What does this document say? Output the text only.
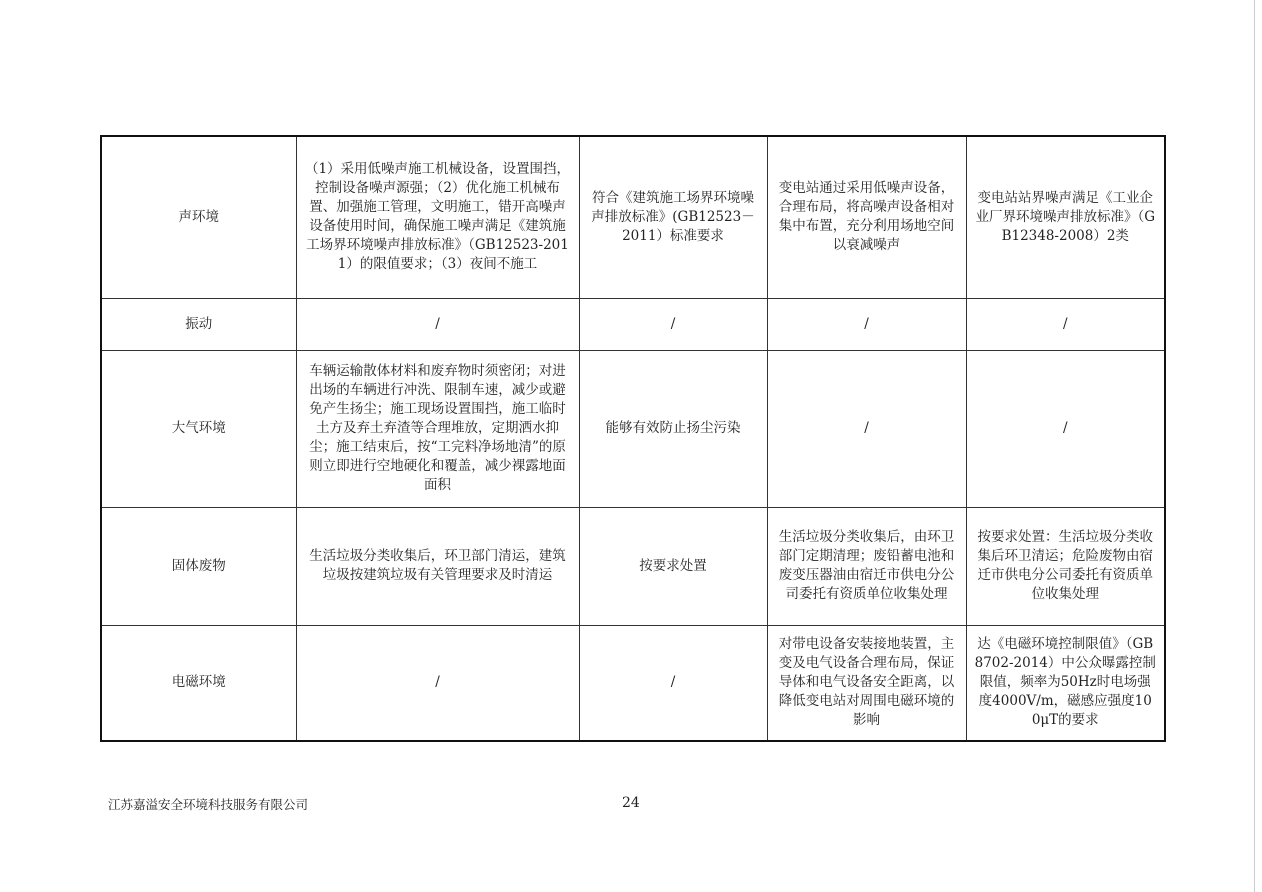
声环境	（1）采用低噪声施工机械设备，设置围挡，控制设备噪声源强；（2）优化施工机械布置、加强施工管理，文明施工，错开高噪声设备使用时间，确保施工噪声满足《建筑施工场界环境噪声排放标准》（GB12523-2011）的限值要求；（3）夜间不施工	符合《建筑施工场界环境噪声排放标准》(GB12523－2011）标准要求	变电站通过采用低噪声设备，合理布局，将高噪声设备相对集中布置，充分利用场地空间以衰减噪声	变电站站界噪声满足《工业企业厂界环境噪声排放标准》（GB12348-2008）2类
振动	/	/	/	/
大气环境	车辆运输散体材料和废弃物时须密闭；对进出场的车辆进行冲洗、限制车速，减少或避免产生扬尘；施工现场设置围挡，施工临时土方及弃土弃渣等合理堆放，定期洒水抑尘；施工结束后，按“工完料净场地清”的原则立即进行空地硬化和覆盖，减少裸露地面面积	能够有效防止扬尘污染	/	/
固体废物	生活垃圾分类收集后，环卫部门清运，建筑垃圾按建筑垃圾有关管理要求及时清运	按要求处置	生活垃圾分类收集后，由环卫部门定期清理；废铅蓄电池和废变压器油由宿迁市供电分公司委托有资质单位收集处理	按要求处置：生活垃圾分类收集后环卫清运；危险废物由宿迁市供电分公司委托有资质单位收集处理
电磁环境	/	/	对带电设备安装接地装置，主变及电气设备合理布局，保证导体和电气设备安全距离，以降低变电站对周围电磁环境的影响	达《电磁环境控制限值》（GB8702-2014）中公众曝露控制限值，频率为50Hz时电场强度4000V/m，磁感应强度100μT的要求
江苏嘉溢安全环境科技服务有限公司	24
